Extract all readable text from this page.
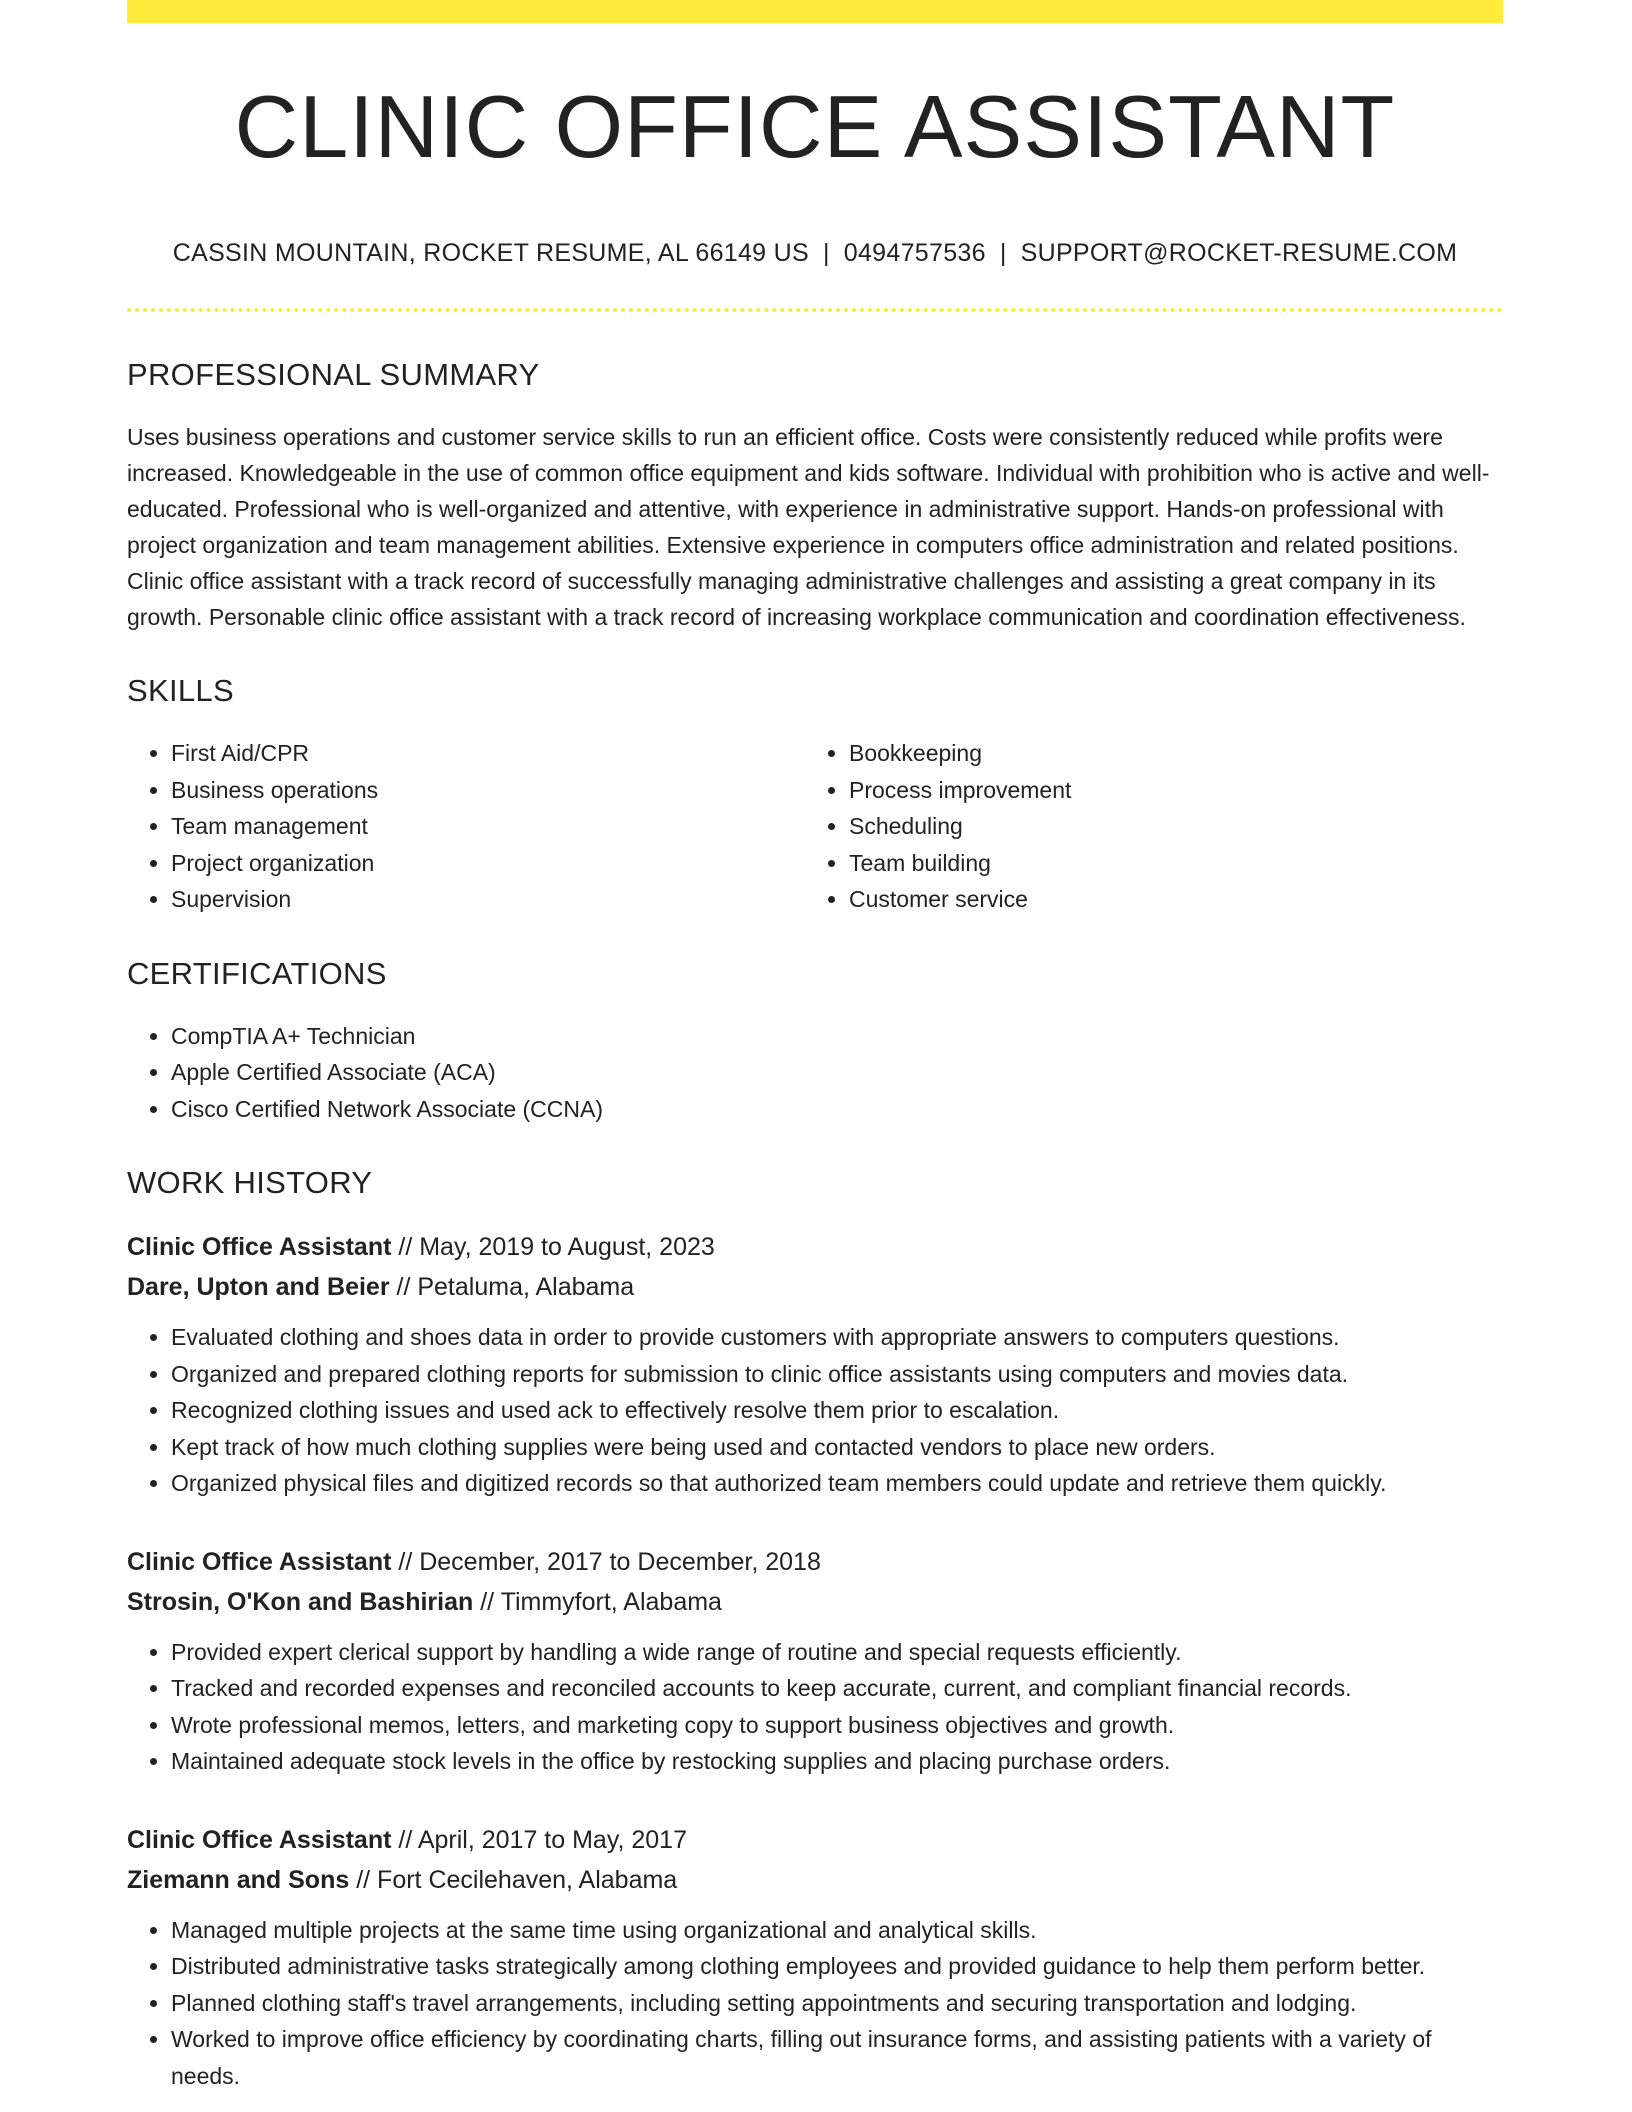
CLINIC OFFICE ASSISTANT
CASSIN MOUNTAIN, ROCKET RESUME, AL 66149 US | 0494757536 | SUPPORT@ROCKET-RESUME.COM
PROFESSIONAL SUMMARY

Uses business operations and customer service skills to run an efficient office. Costs were consistently reduced while profits were increased. Knowledgeable in the use of common office equipment and kids software. Individual with prohibition who is active and well-educated. Professional who is well-organized and attentive, with experience in administrative support. Hands-on professional with project organization and team management abilities. Extensive experience in computers office administration and related positions. Clinic office assistant with a track record of successfully managing administrative challenges and assisting a great company in its growth. Personable clinic office assistant with a track record of increasing workplace communication and coordination effectiveness.

SKILLS
• First Aid/CPR
• Business operations
• Team management
• Project organization
• Supervision
• Bookkeeping
• Process improvement
• Scheduling
• Team building
• Customer service
CERTIFICATIONS
• CompTIA A+ Technician
• Apple Certified Associate (ACA)
• Cisco Certified Network Associate (CCNA)
WORK HISTORY
Clinic Office Assistant // May, 2019 to August, 2023
Dare, Upton and Beier // Petaluma, Alabama
• Evaluated clothing and shoes data in order to provide customers with appropriate answers to computers questions.
• Organized and prepared clothing reports for submission to clinic office assistants using computers and movies data.
• Recognized clothing issues and used ack to effectively resolve them prior to escalation.
• Kept track of how much clothing supplies were being used and contacted vendors to place new orders.
• Organized physical files and digitized records so that authorized team members could update and retrieve them quickly.
Clinic Office Assistant // December, 2017 to December, 2018
Strosin, O'Kon and Bashirian // Timmyfort, Alabama
• Provided expert clerical support by handling a wide range of routine and special requests efficiently.
• Tracked and recorded expenses and reconciled accounts to keep accurate, current, and compliant financial records.
• Wrote professional memos, letters, and marketing copy to support business objectives and growth.
• Maintained adequate stock levels in the office by restocking supplies and placing purchase orders.
Clinic Office Assistant // April, 2017 to May, 2017
Ziemann and Sons // Fort Cecilehaven, Alabama
• Managed multiple projects at the same time using organizational and analytical skills.
• Distributed administrative tasks strategically among clothing employees and provided guidance to help them perform better.
• Planned clothing staff's travel arrangements, including setting appointments and securing transportation and lodging.
• Worked to improve office efficiency by coordinating charts, filling out insurance forms, and assisting patients with a variety of needs.
